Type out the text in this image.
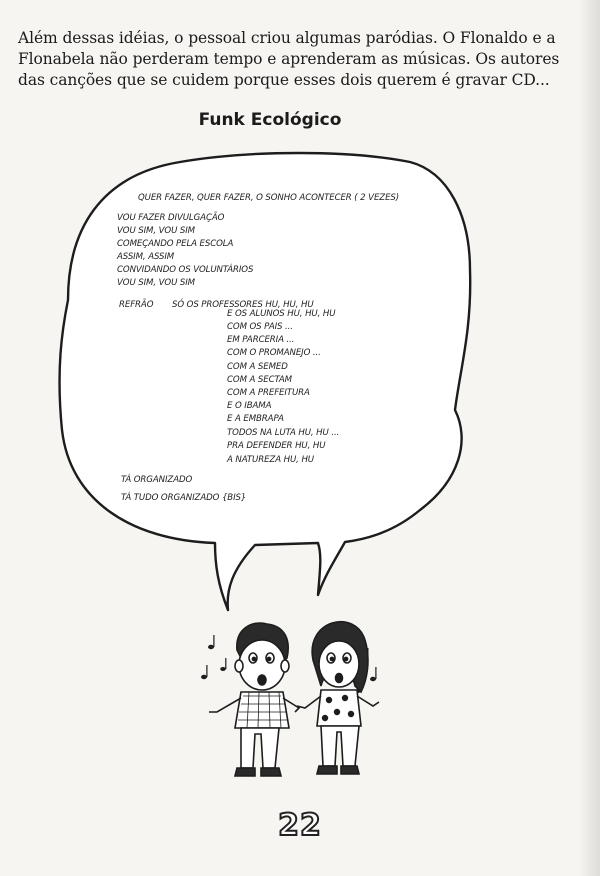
Além dessas idéias, o pessoal criou algumas paródias. O Flonaldo e a
Flonabela não perderam tempo e aprenderam as músicas. Os autores
das canções que se cuidem porque esses dois querem é gravar CD...
Funk Ecológico
QUER FAZER, QUER FAZER, O SONHO ACONTECER ( 2 VEZES)
VOU FAZER DIVULGAÇÃO
VOU SIM, VOU SIM
COMEÇANDO PELA ESCOLA
ASSIM, ASSIM
CONVIDANDO OS VOLUNTÁRIOS
VOU SIM, VOU SIM
REFRÃO SÓ OS PROFESSORES HU, HU, HU
E OS ALUNOS HU, HU, HU
COM OS PAIS ...
EM PARCERIA ...
COM O PROMANEJO ...
COM A SEMED
COM A SECTAM
COM A PREFEITURA
E O IBAMA
E A EMBRAPA
TODOS NA LUTA HU, HU ...
PRA DEFENDER HU, HU
A NATUREZA HU, HU
TÁ ORGANIZADO
TÁ TUDO ORGANIZADO {BIS}
22
